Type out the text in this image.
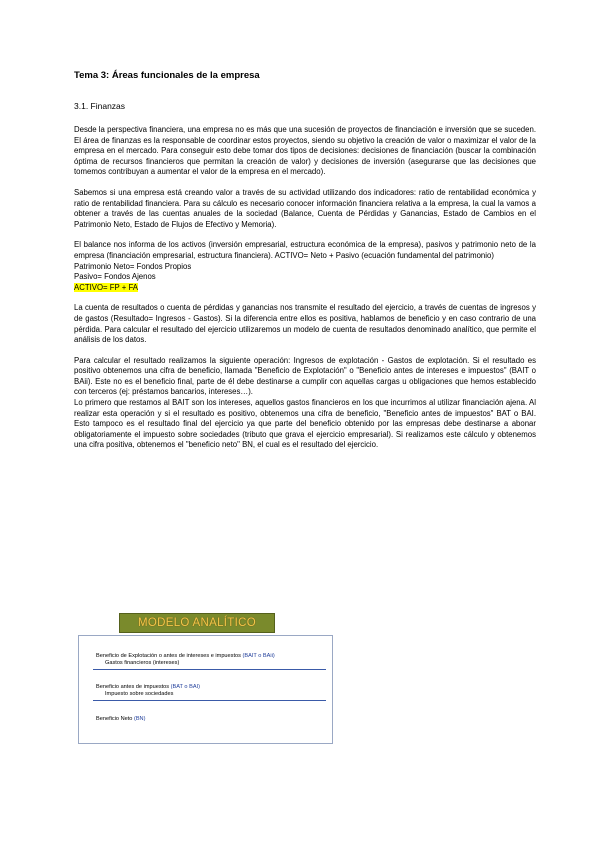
Tema 3: Áreas funcionales de la empresa
3.1. Finanzas

Desde la perspectiva financiera, una empresa no es más que una sucesión de proyectos de financiación e inversión que se suceden. El área de finanzas es la responsable de coordinar estos proyectos, siendo su objetivo la creación de valor o maximizar el valor de la empresa en el mercado. Para conseguir esto debe tomar dos tipos de decisiones: decisiones de financiación (buscar la combinación óptima de recursos financieros que permitan la creación de valor) y decisiones de inversión (asegurarse que las decisiones que tomemos contribuyan a aumentar el valor de la empresa en el mercado).

Sabemos si una empresa está creando valor a través de su actividad utilizando dos indicadores: ratio de rentabilidad económica y ratio de rentabilidad financiera. Para su cálculo es necesario conocer información financiera relativa a la empresa, la cual la vamos a obtener a través de las cuentas anuales de la sociedad (Balance, Cuenta de Pérdidas y Ganancias, Estado de Cambios en el Patrimonio Neto, Estado de Flujos de Efectivo y Memoria).

El balance nos informa de los activos (inversión empresarial, estructura económica de la empresa), pasivos y patrimonio neto de la empresa (financiación empresarial, estructura financiera). ACTIVO= Neto + Pasivo (ecuación fundamental del patrimonio)

Patrimonio Neto= Fondos Propios
Pasivo= Fondos Ajenos
ACTIVO= FP + FA

La cuenta de resultados o cuenta de pérdidas y ganancias nos transmite el resultado del ejercicio, a través de cuentas de ingresos y de gastos (Resultado= Ingresos - Gastos). Si la diferencia entre ellos es positiva, hablamos de beneficio y en caso contrario de una pérdida. Para calcular el resultado del ejercicio utilizaremos un modelo de cuenta de resultados denominado analítico, que permite el análisis de los datos.

Para calcular el resultado realizamos la siguiente operación: Ingresos de explotación - Gastos de explotación. Si el resultado es positivo obtenemos una cifra de beneficio, llamada "Beneficio de Explotación" o "Beneficio antes de intereses e impuestos" (BAIT o BAii). Este no es el beneficio final, parte de él debe destinarse a cumplir con aquellas cargas u obligaciones que hemos establecido con terceros (ej: préstamos bancarios, intereses…).

Lo primero que restamos al BAIT son los intereses, aquellos gastos financieros en los que incurrimos al utilizar financiación ajena. Al realizar esta operación y si el resultado es positivo, obtenemos una cifra de beneficio, "Beneficio antes de impuestos" BAT o BAI. Esto tampoco es el resultado final del ejercicio ya que parte del beneficio obtenido por las empresas debe destinarse a abonar obligatoriamente el impuesto sobre sociedades (tributo que grava el ejercicio empresarial). Si realizamos este cálculo y obtenemos una cifra positiva, obtenemos el "beneficio neto" BN, el cual es el resultado del ejercicio.

MODELO ANALÍTICO
Beneficio de Explotación o antes de intereses e impuestos (BAIT o BAii)
Gastos financieros (intereses)
Beneficio antes de impuestos (BAT o BAI)
Impuesto sobre sociedades
Beneficio Neto (BN)
